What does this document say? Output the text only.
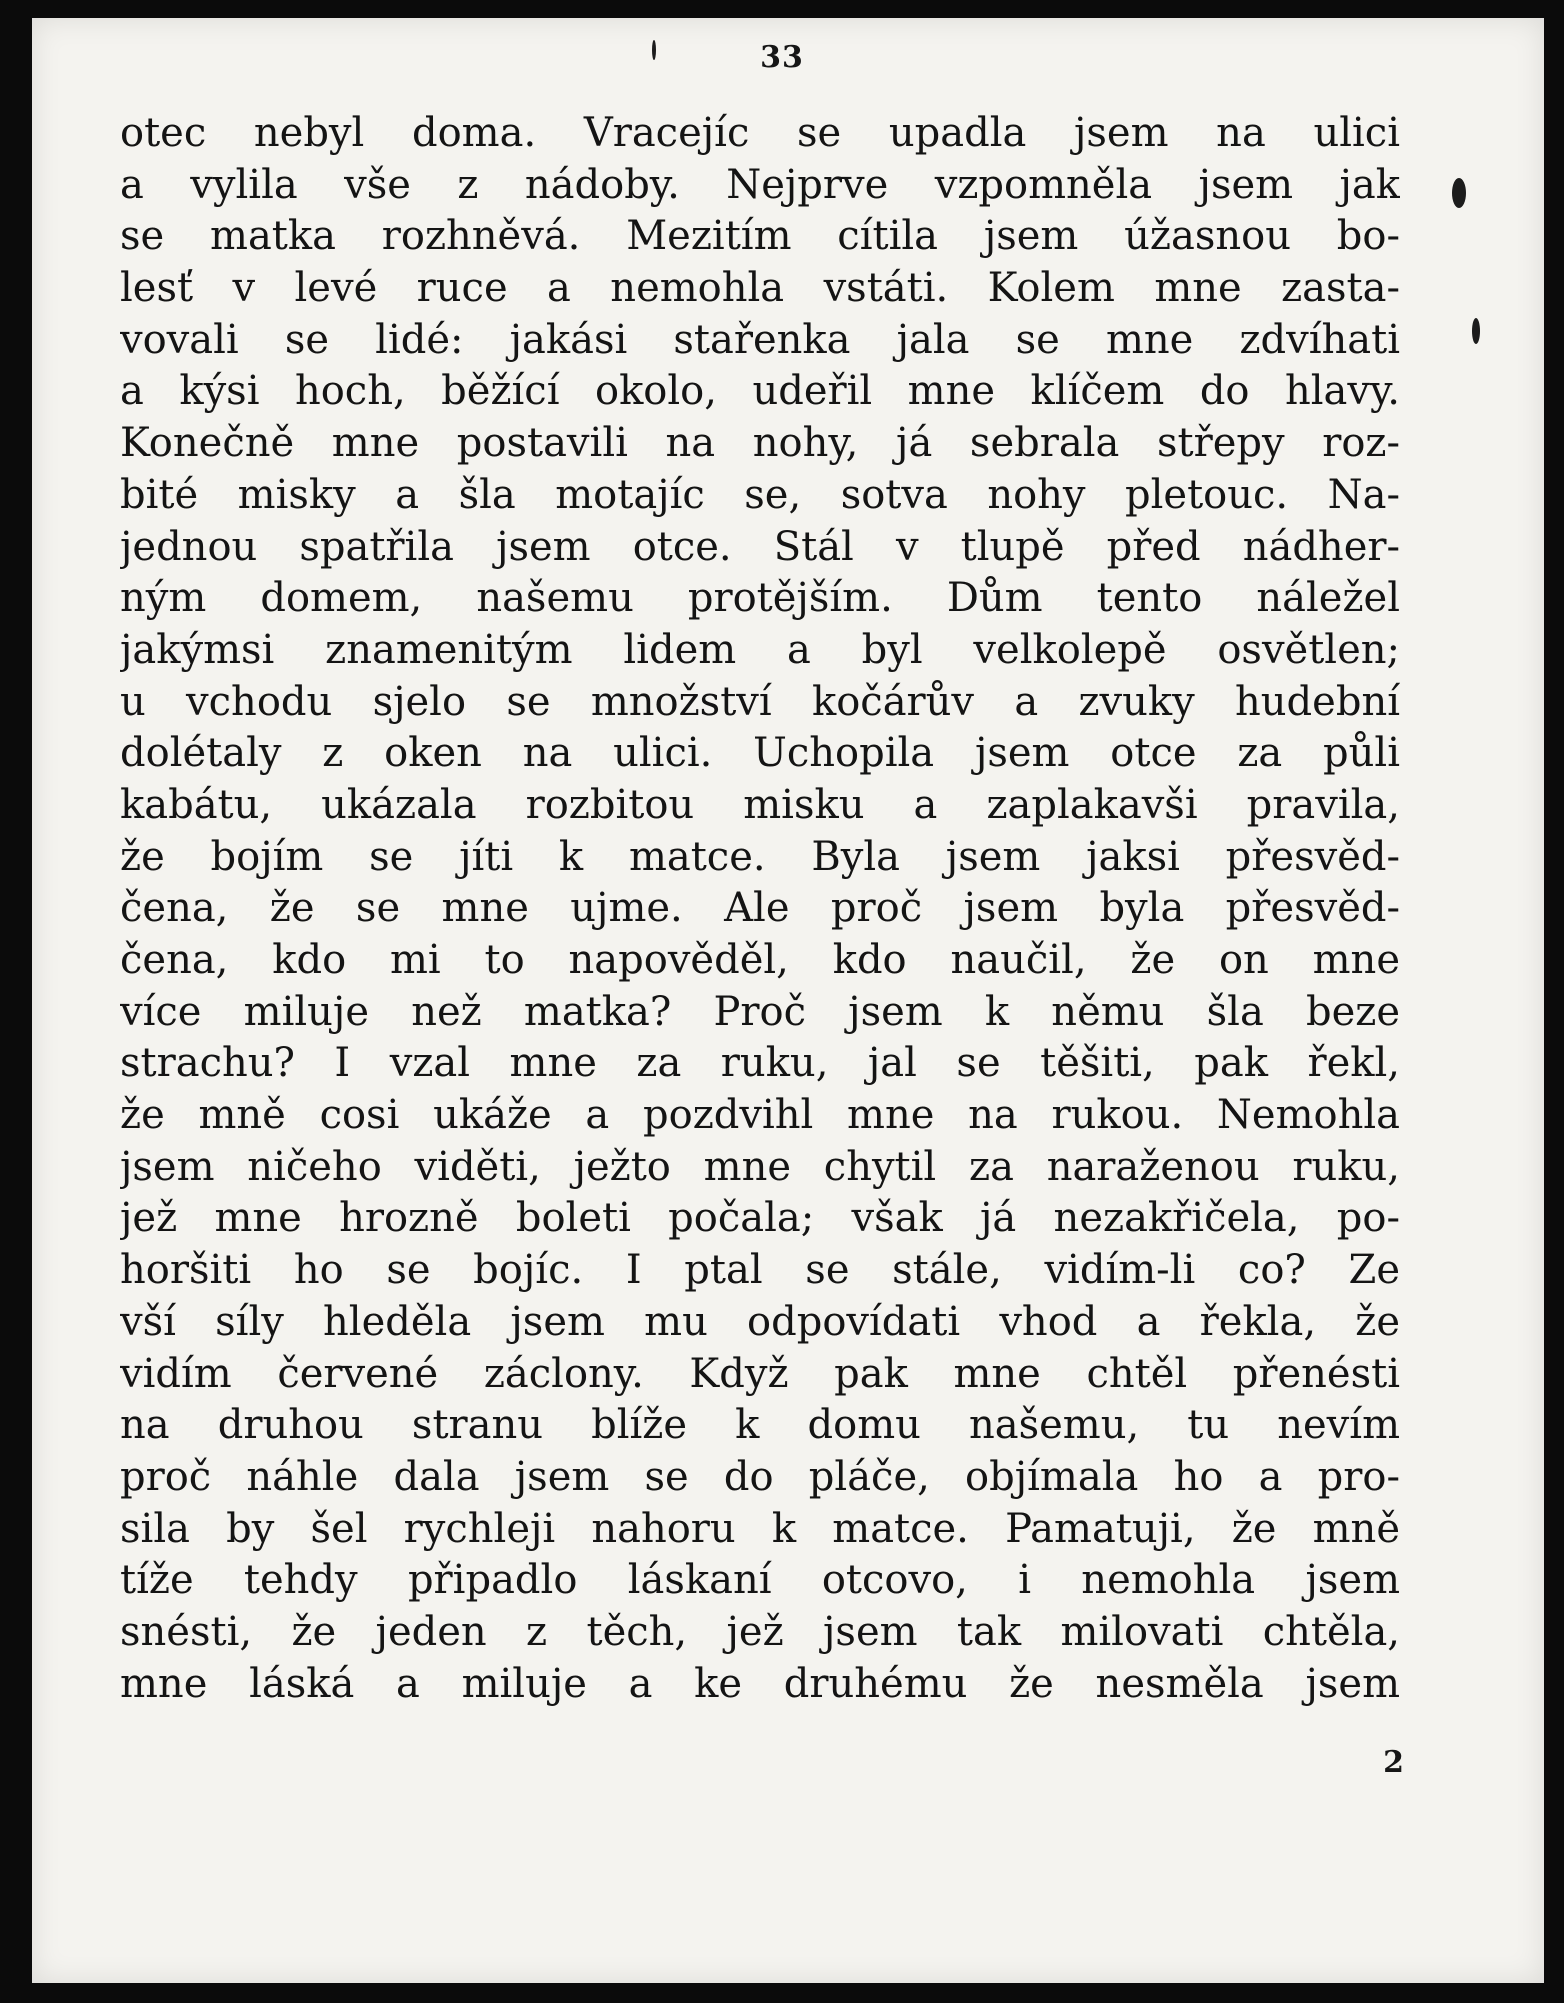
33
otec nebyl doma. Vracejíc se upadla jsem na ulici
a vylila vše z nádoby. Nejprve vzpomněla jsem jak
se matka rozhněvá. Mezitím cítila jsem úžasnou bo-
lesť v levé ruce a nemohla vstáti. Kolem mne zasta-
vovali se lidé: jakási stařenka jala se mne zdvíhati
a kýsi hoch, běžící okolo, udeřil mne klíčem do hlavy.
Konečně mne postavili na nohy, já sebrala střepy roz-
bité misky a šla motajíc se, sotva nohy pletouc. Na-
jednou spatřila jsem otce. Stál v tlupě před nádher-
ným domem, našemu protějším. Dům tento náležel
jakýmsi znamenitým lidem a byl velkolepě osvětlen;
u vchodu sjelo se množství kočárův a zvuky hudební
dolétaly z oken na ulici. Uchopila jsem otce za půli
kabátu, ukázala rozbitou misku a zaplakavši pravila,
že bojím se jíti k matce. Byla jsem jaksi přesvěd-
čena, že se mne ujme. Ale proč jsem byla přesvěd-
čena, kdo mi to napověděl, kdo naučil, že on mne
více miluje než matka? Proč jsem k němu šla beze
strachu? I vzal mne za ruku, jal se těšiti, pak řekl,
že mně cosi ukáže a pozdvihl mne na rukou. Nemohla
jsem ničeho viděti, ježto mne chytil za naraženou ruku,
jež mne hrozně boleti počala; však já nezakřičela, po-
horšiti ho se bojíc. I ptal se stále, vidím-li co? Ze
vší síly hleděla jsem mu odpovídati vhod a řekla, že
vidím červené záclony. Když pak mne chtěl přenésti
na druhou stranu blíže k domu našemu, tu nevím
proč náhle dala jsem se do pláče, objímala ho a pro-
sila by šel rychleji nahoru k matce. Pamatuji, že mně
tíže tehdy připadlo láskaní otcovo, i nemohla jsem
snésti, že jeden z těch, jež jsem tak milovati chtěla,
mne láská a miluje a ke druhému že nesměla jsem
2
